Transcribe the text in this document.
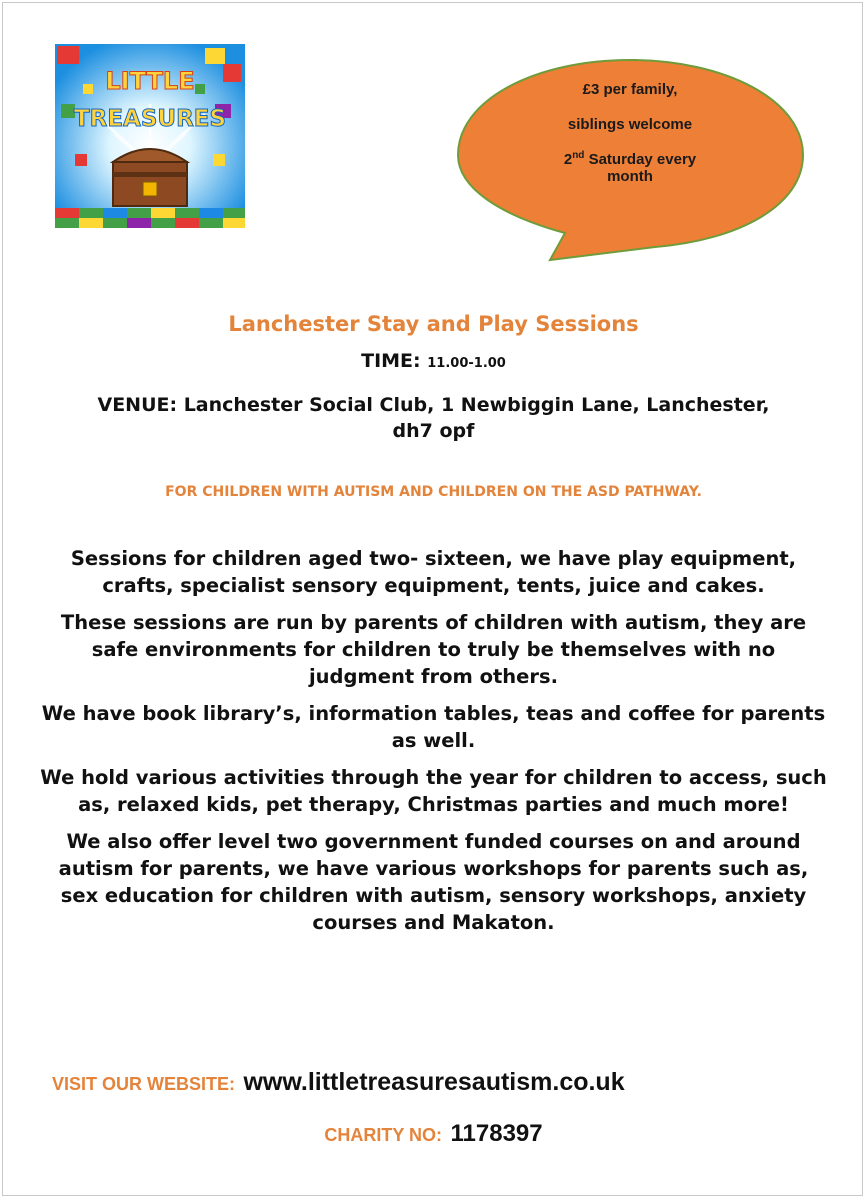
LITTLE
TREASURES
£3 per family,
siblings welcome
2nd Saturday every
month
Lanchester Stay and Play Sessions
TIME: 11.00-1.00
VENUE: Lanchester Social Club, 1 Newbiggin Lane, Lanchester,
dh7 opf
FOR CHILDREN WITH AUTISM AND CHILDREN ON THE ASD PATHWAY.

Sessions for children aged two- sixteen, we have play equipment, crafts, specialist sensory equipment, tents, juice and cakes.

These sessions are run by parents of children with autism, they are safe environments for children to truly be themselves with no judgment from others.

We have book library’s, information tables, teas and coffee for parents as well.

We hold various activities through the year for children to access, such as, relaxed kids, pet therapy, Christmas parties and much more!

We also offer level two government funded courses on and around autism for parents, we have various workshops for parents such as, sex education for children with autism, sensory workshops, anxiety courses and Makaton.

VISIT OUR WEBSITE: www.littletreasuresautism.co.uk
CHARITY NO: 1178397
